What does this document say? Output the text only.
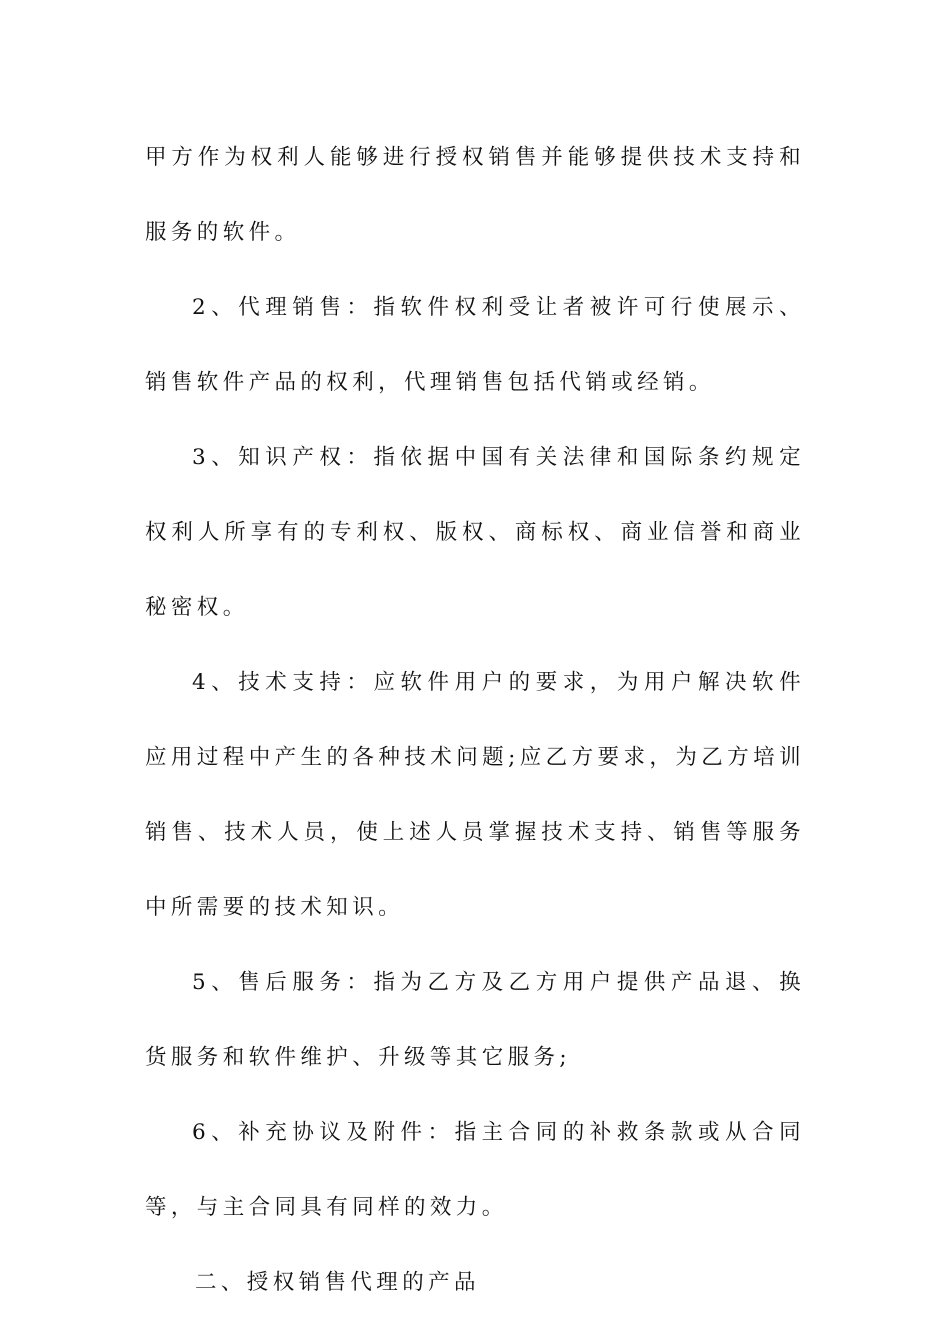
甲方作为权利人能够进行授权销售并能够提供技术支持和服务的软件。

2、代理销售：指软件权利受让者被许可行使展示、销售软件产品的权利，代理销售包括代销或经销。

3、知识产权：指依据中国有关法律和国际条约规定权利人所享有的专利权、版权、商标权、商业信誉和商业秘密权。

4、技术支持：应软件用户的要求，为用户解决软件应用过程中产生的各种技术问题;应乙方要求，为乙方培训销售、技术人员，使上述人员掌握技术支持、销售等服务中所需要的技术知识。

5、售后服务：指为乙方及乙方用户提供产品退、换货服务和软件维护、升级等其它服务;

6、补充协议及附件：指主合同的补救条款或从合同等，与主合同具有同样的效力。

二、授权销售代理的产品
